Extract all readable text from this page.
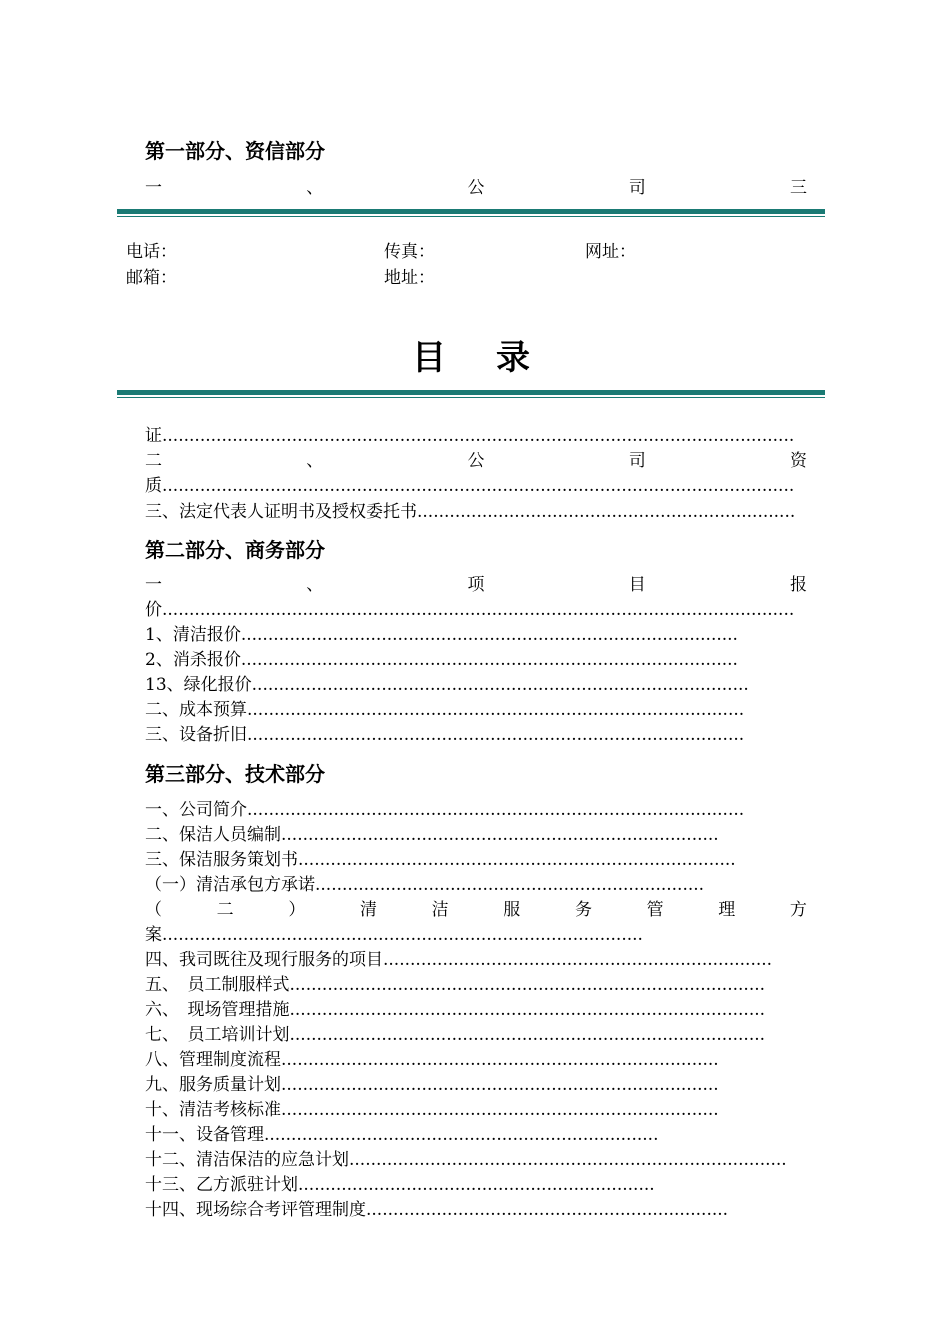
第一部分、资信部分
一	、	公	司	三
电话：	传真：	网址：
邮箱：	地址：
目录
证.....................................................................................................................
二	、	公	司	资
质.....................................................................................................................
三、法定代表人证明书及授权委托书......................................................................
第二部分、商务部分
一	、	项	目	报
价.....................................................................................................................
1、清洁报价............................................................................................
2、消杀报价............................................................................................
13、绿化报价............................................................................................
二、成本预算............................................................................................
三、设备折旧............................................................................................
第三部分、技术部分
一、公司简介............................................................................................
二、保洁人员编制.................................................................................
三、保洁服务策划书.................................................................................
（一）清洁承包方承诺........................................................................
（	二	）	清	洁	服	务	管	理	方
案.........................................................................................
四、我司既往及现行服务的项目........................................................................
五、　员工制服样式........................................................................................
六、　现场管理措施........................................................................................
七、　员工培训计划........................................................................................
八、管理制度流程.................................................................................
九、服务质量计划.................................................................................
十、清洁考核标准.................................................................................
十一、设备管理.........................................................................
十二、清洁保洁的应急计划.................................................................................
十三、乙方派驻计划..................................................................
十四、现场综合考评管理制度...................................................................
